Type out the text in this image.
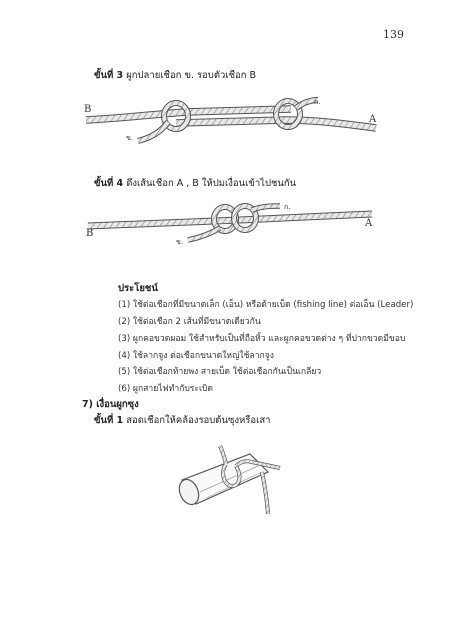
139
ขั้นที่ 3 ผูกปลายเชือก ข. รอบตัวเชือก B
B
ข.
ก.
A
ขั้นที่ 4 ดึงเส้นเชือก A , B ให้ปมเงื่อนเข้าไปชนกัน
B
ข.
ก.
A
ประโยชน์
(1) ใช้ต่อเชือกที่มีขนาดเล็ก (เอ็น) หรือด้ายเบ็ด (fishing line) ต่อเอ็น (Leader)
(2) ใช้ต่อเชือก 2 เส้นที่มีขนาดเดียวกัน
(3) ผูกคอขวดผอม ใช้สำหรับเป็นที่ถือหิ้ว และผูกคอขวดต่าง ๆ ที่ปากขวดมีขอบ
(4) ใช้ลากจูง ต่อเชือกขนาดใหญ่ใช้ลากจูง
(5) ใช้ต่อเชือกท้ายพง สายเบ็ด ใช้ต่อเชือกกันเป็นเกลียว
(6) ผูกสายไฟทำกับระเบิด
7) เงื่อนผูกซุง
ขั้นที่ 1 สอดเชือกให้คล้องรอบต้นซุงหรือเสา
